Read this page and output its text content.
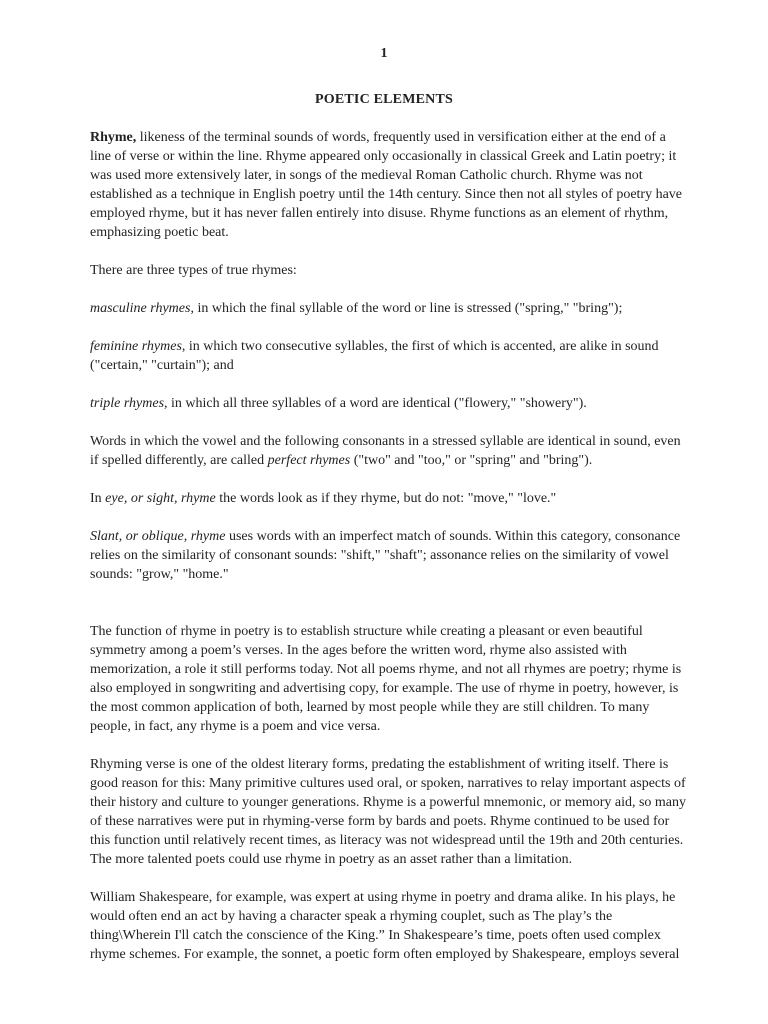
1
POETIC ELEMENTS

Rhyme, likeness of the terminal sounds of words, frequently used in versification either at the end of a line of verse or within the line. Rhyme appeared only occasionally in classical Greek and Latin poetry; it was used more extensively later, in songs of the medieval Roman Catholic church. Rhyme was not established as a technique in English poetry until the 14th century. Since then not all styles of poetry have employed rhyme, but it has never fallen entirely into disuse. Rhyme functions as an element of rhythm, emphasizing poetic beat.

There are three types of true rhymes:

masculine rhymes, in which the final syllable of the word or line is stressed ("spring," "bring");

feminine rhymes, in which two consecutive syllables, the first of which is accented, are alike in sound ("certain," "curtain"); and

triple rhymes, in which all three syllables of a word are identical ("flowery," "showery").

Words in which the vowel and the following consonants in a stressed syllable are identical in sound, even if spelled differently, are called perfect rhymes ("two" and "too," or "spring" and "bring").

In eye, or sight, rhyme the words look as if they rhyme, but do not: "move," "love."

Slant, or oblique, rhyme uses words with an imperfect match of sounds. Within this category, consonance relies on the similarity of consonant sounds: "shift," "shaft"; assonance relies on the similarity of vowel sounds: "grow," "home."

The function of rhyme in poetry is to establish structure while creating a pleasant or even beautiful symmetry among a poem’s verses. In the ages before the written word, rhyme also assisted with memorization, a role it still performs today. Not all poems rhyme, and not all rhymes are poetry; rhyme is also employed in songwriting and advertising copy, for example. The use of rhyme in poetry, however, is the most common application of both, learned by most people while they are still children. To many people, in fact, any rhyme is a poem and vice versa.

Rhyming verse is one of the oldest literary forms, predating the establishment of writing itself. There is good reason for this: Many primitive cultures used oral, or spoken, narratives to relay important aspects of their history and culture to younger generations. Rhyme is a powerful mnemonic, or memory aid, so many of these narratives were put in rhyming-verse form by bards and poets. Rhyme continued to be used for this function until relatively recent times, as literacy was not widespread until the 19th and 20th centuries. The more talented poets could use rhyme in poetry as an asset rather than a limitation.

William Shakespeare, for example, was expert at using rhyme in poetry and drama alike. In his plays, he would often end an act by having a character speak a rhyming couplet, such as The play’s the thing\Wherein I'll catch the conscience of the King.” In Shakespeare’s time, poets often used complex rhyme schemes. For example, the sonnet, a poetic form often employed by Shakespeare, employs several
